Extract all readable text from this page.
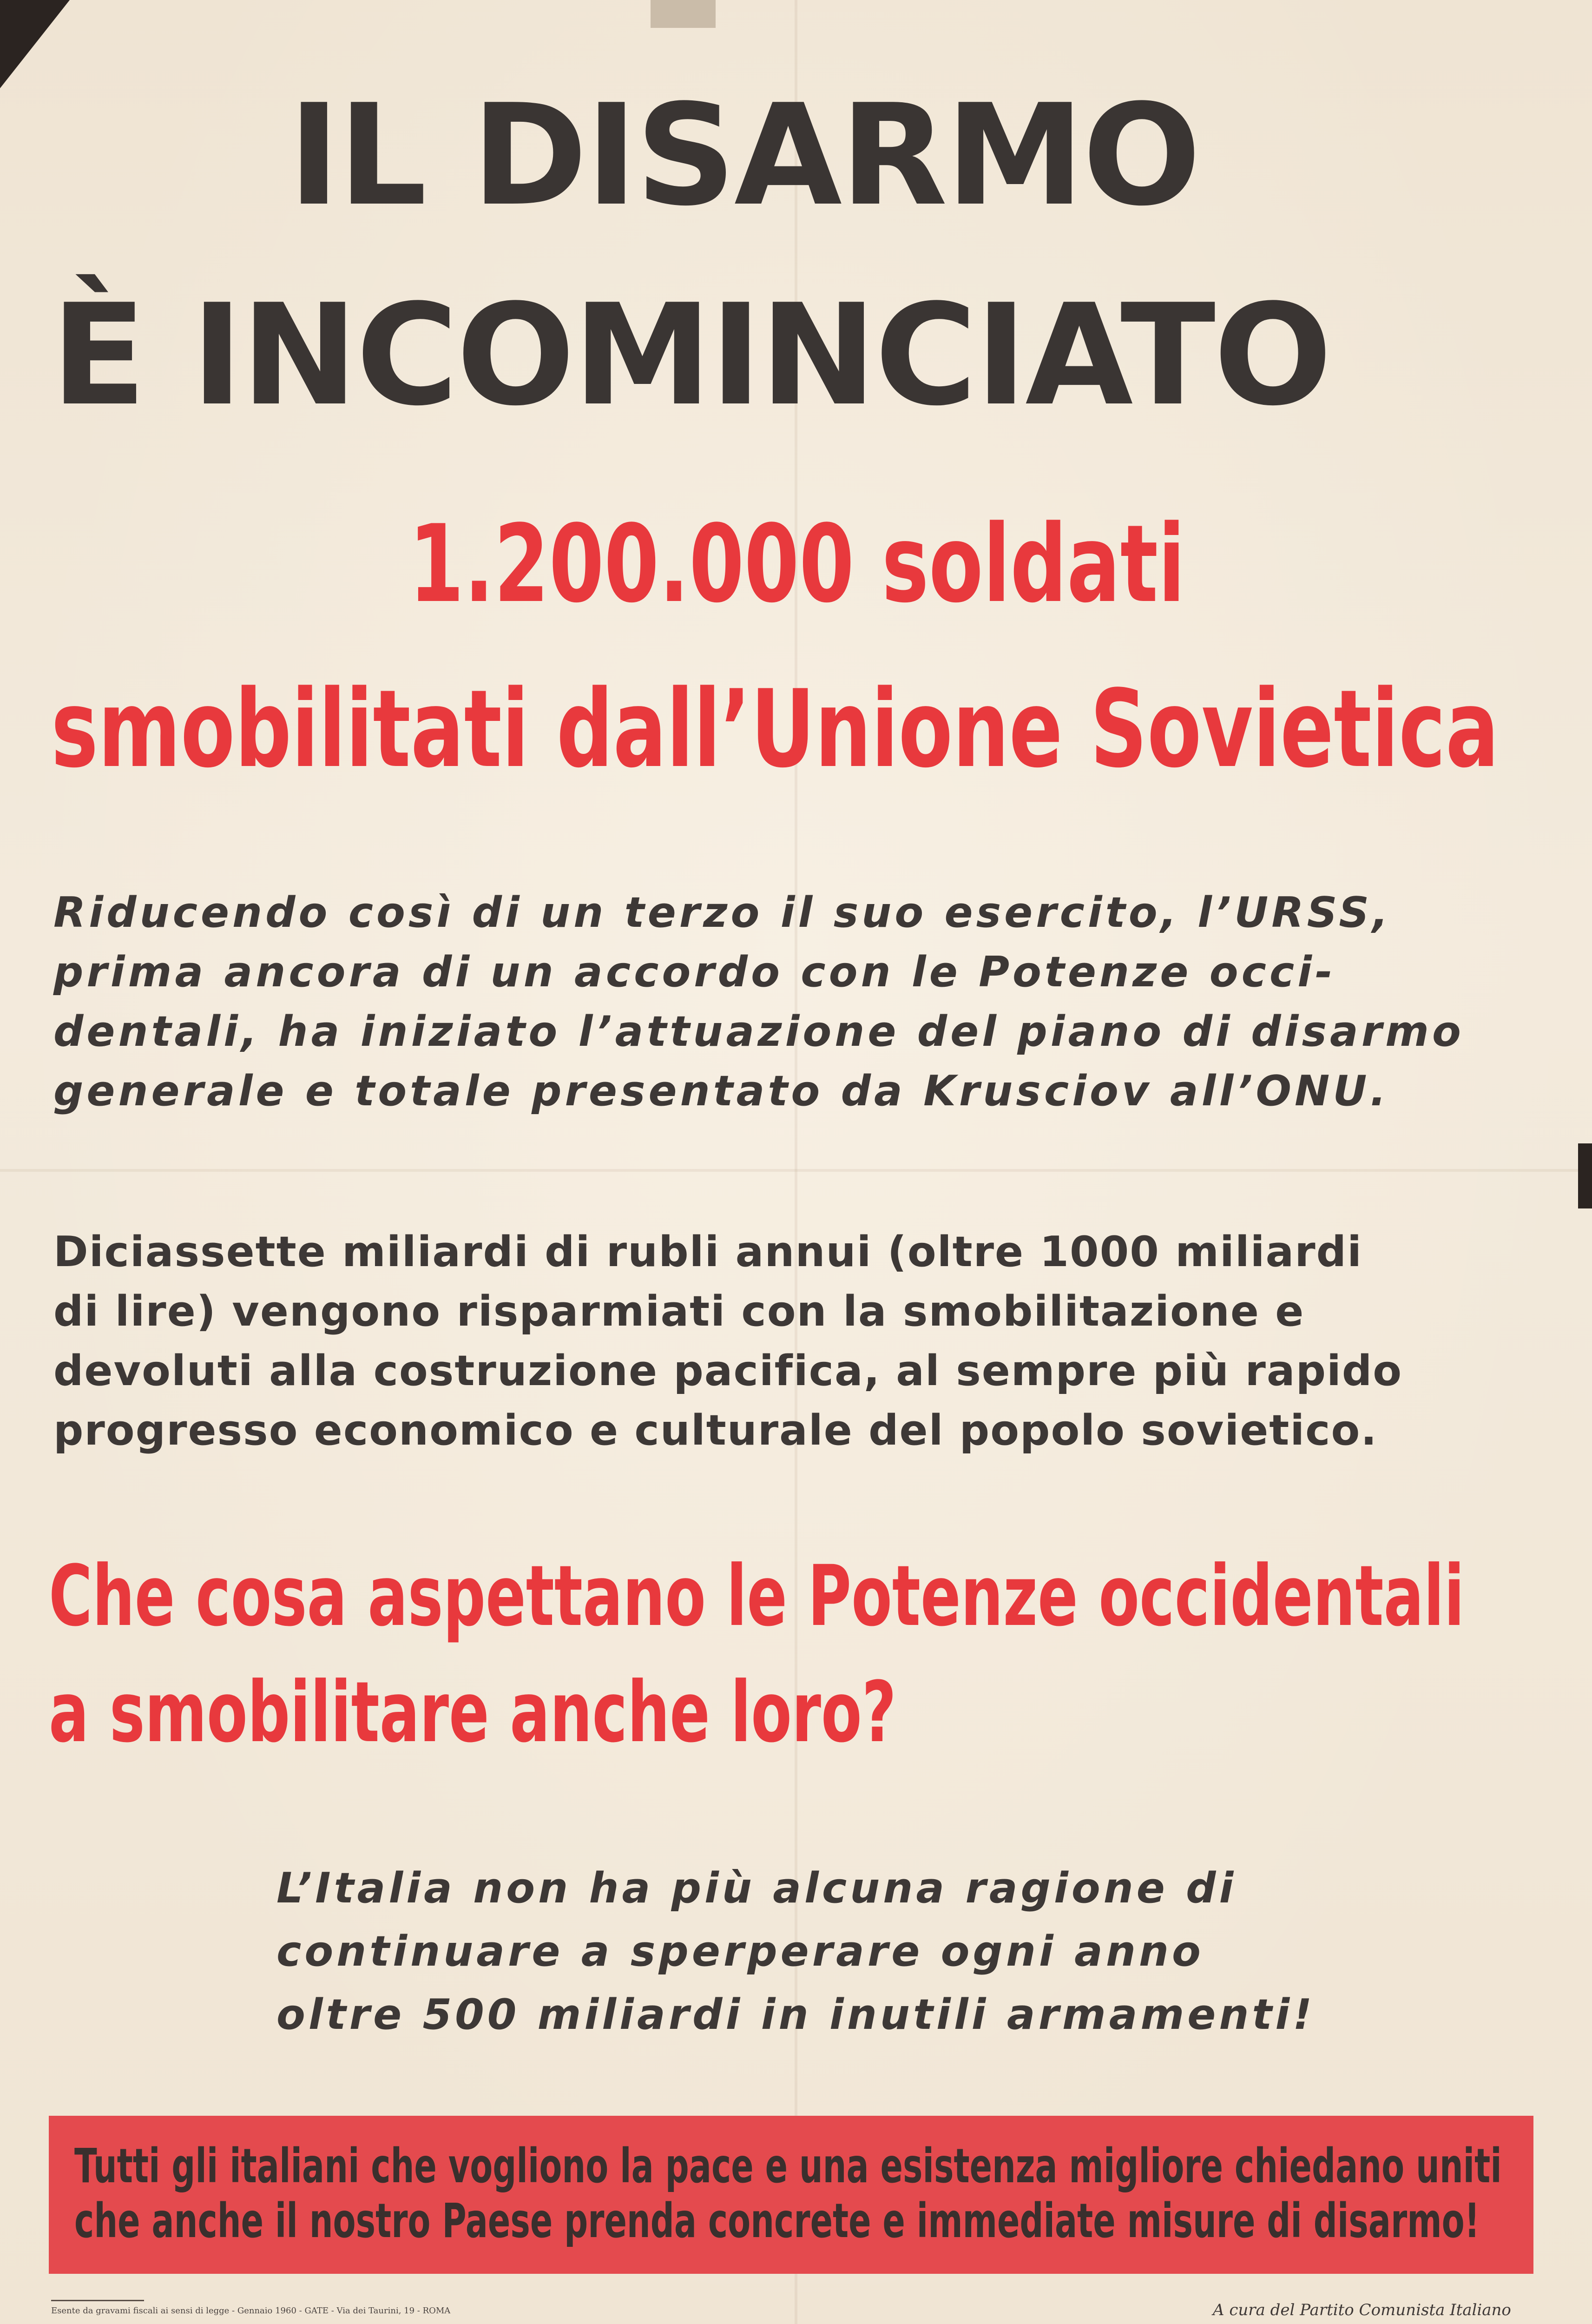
IL DISARMO
È INCOMINCIATO
1.200.000 soldati
smobilitati dall’Unione Sovietica
Riducendo così di un terzo il suo esercito, l’URSS,
prima ancora di un accordo con le Potenze occi-
dentali, ha iniziato l’attuazione del piano di disarmo
generale e totale presentato da Krusciov all’ONU.
Diciassette miliardi di rubli annui (oltre 1000 miliardi
di lire) vengono risparmiati con la smobilitazione e
devoluti alla costruzione pacifica, al sempre più rapido
progresso economico e culturale del popolo sovietico.
Che cosa aspettano le Potenze occidentali
a smobilitare anche loro?
L’Italia non ha più alcuna ragione di
continuare a sperperare ogni anno
oltre 500 miliardi in inutili armamenti!
Tutti gli italiani che vogliono la pace e una esistenza migliore chiedano uniti
che anche il nostro Paese prenda concrete e immediate misure di disarmo!
Esente da gravami fiscali ai sensi di legge - Gennaio 1960 - GATE - Via dei Taurini, 19 - ROMA	A cura del Partito Comunista Italiano
